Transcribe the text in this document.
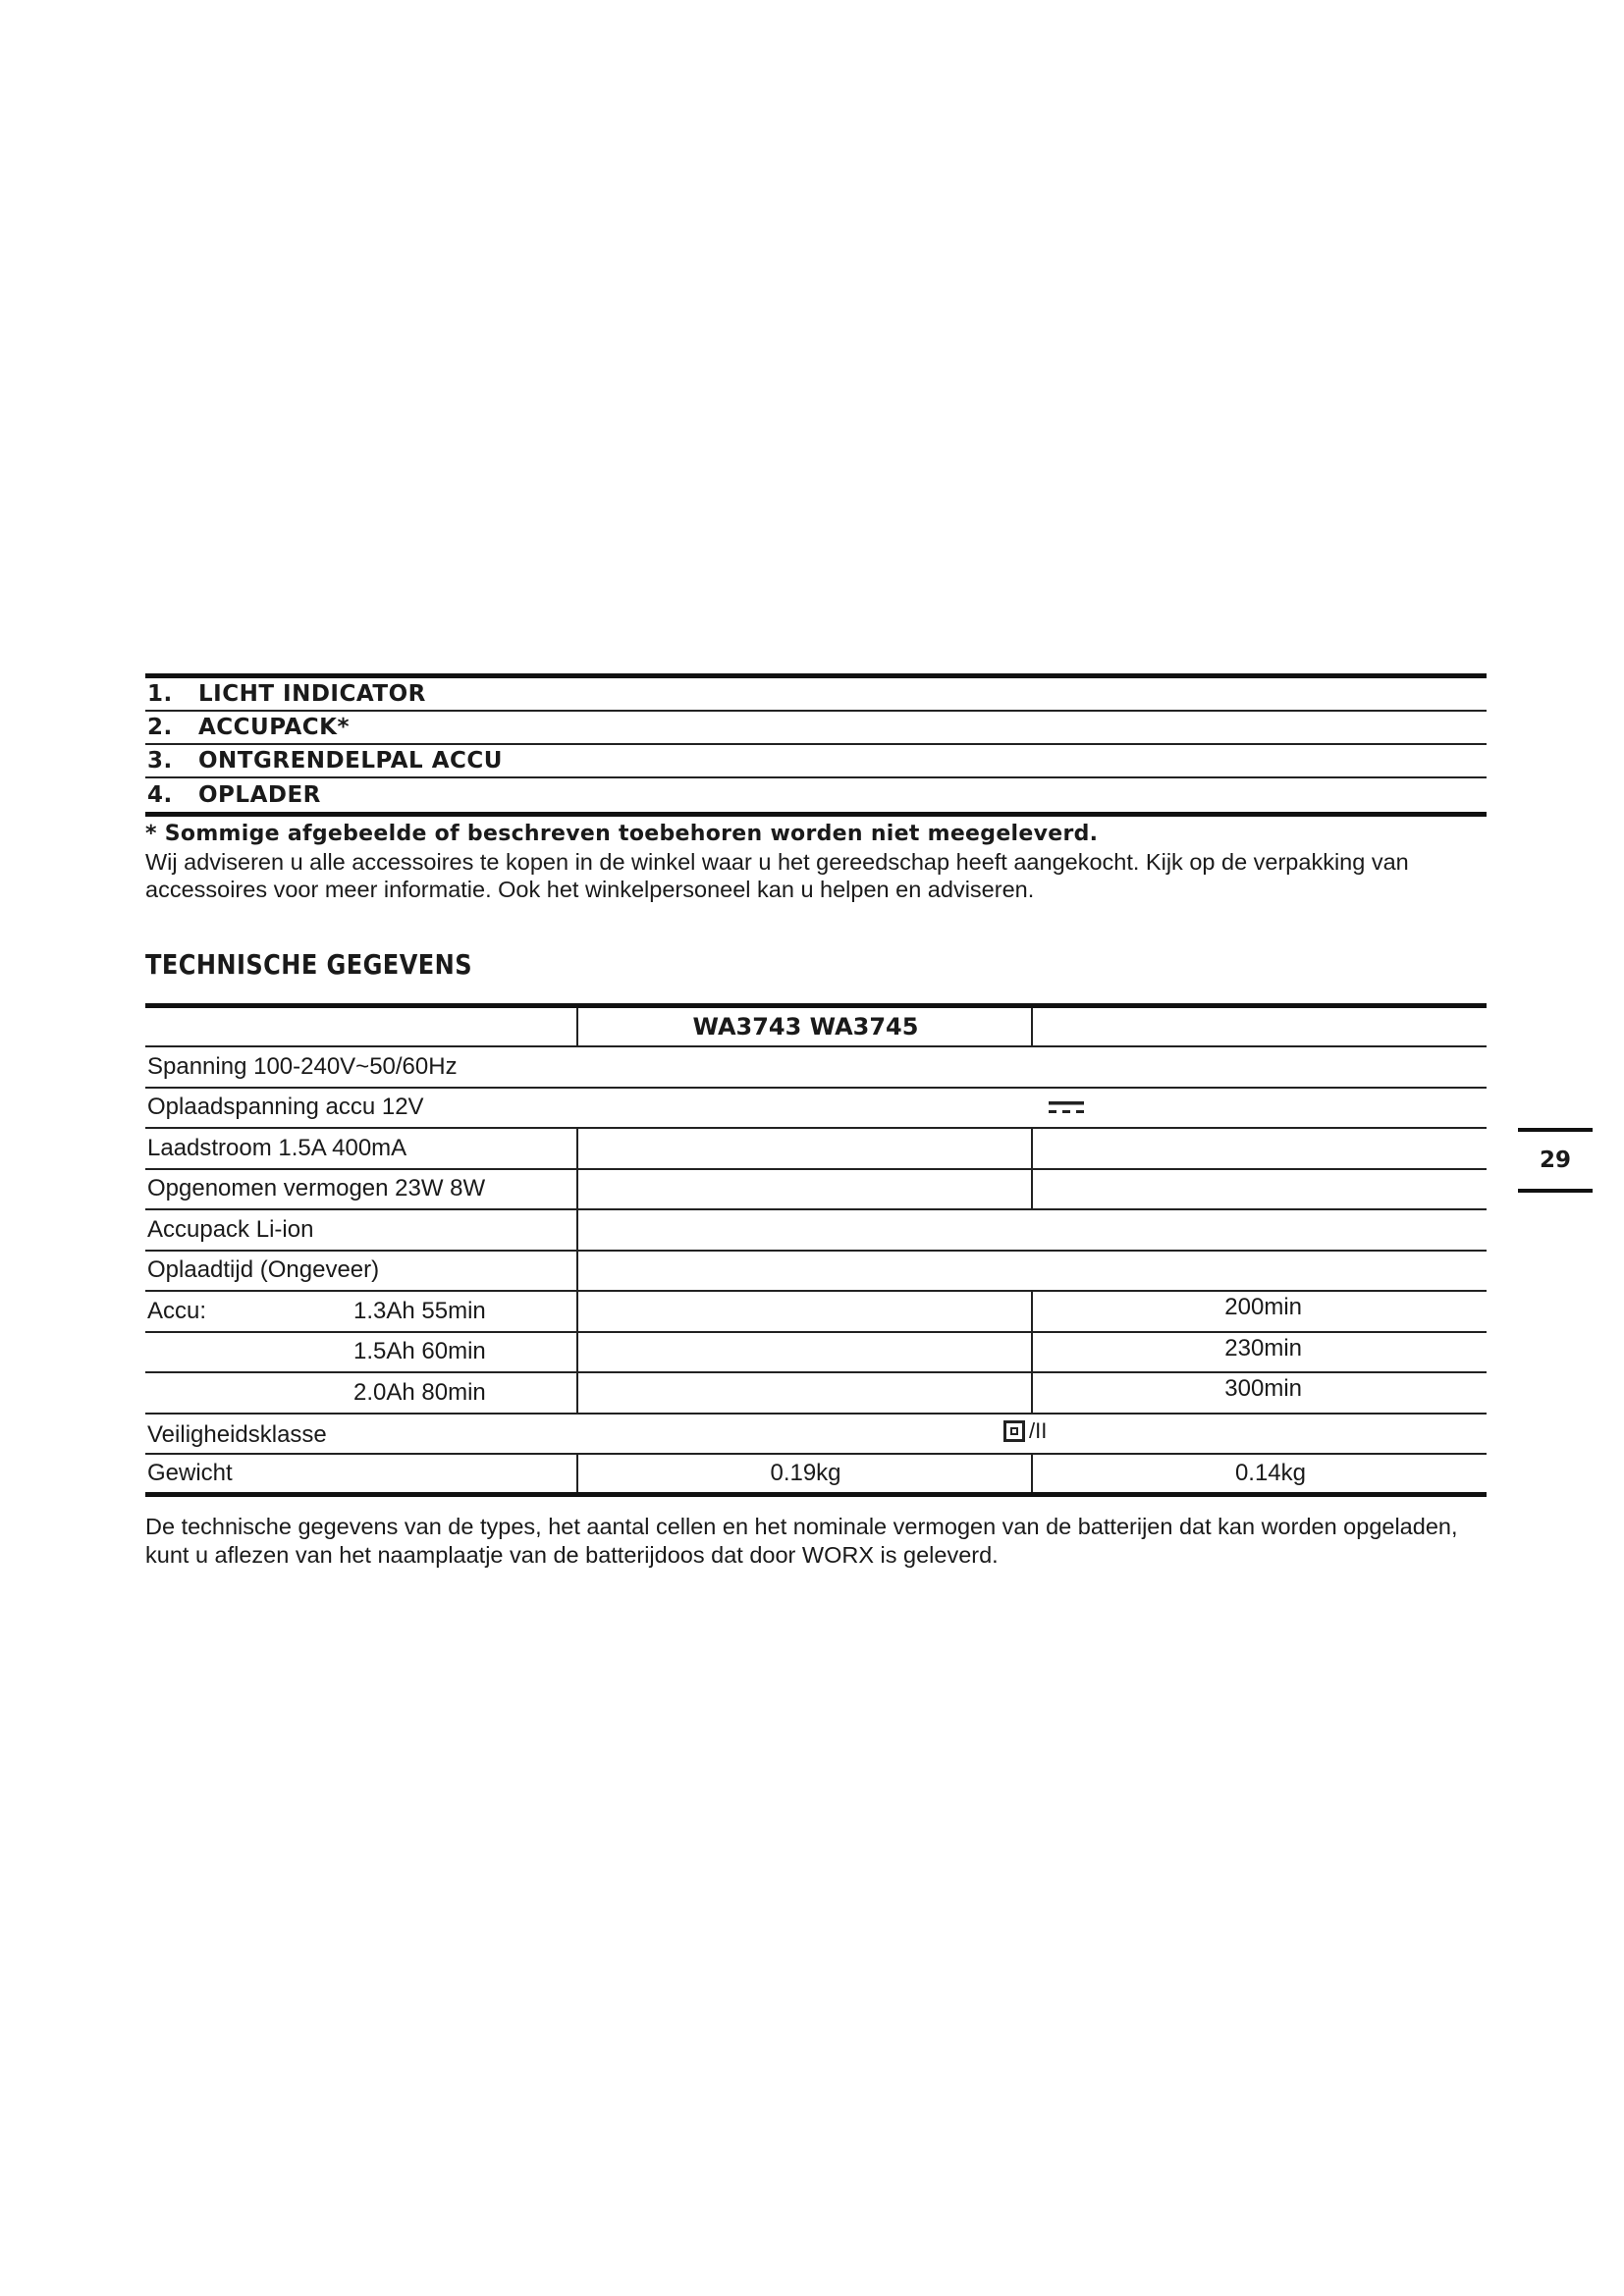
1.	LICHT INDICATOR
2.	ACCUPACK*
3.	ONTGRENDELPAL ACCU
4.	OPLADER
* Sommige afgebeelde of beschreven toebehoren worden niet meegeleverd.
Wij adviseren u alle accessoires te kopen in de winkel waar u het gereedschap heeft aangekocht. Kijk op de verpakking van accessoires voor meer informatie. Ook het winkelpersoneel kan u helpen en adviseren.
TECHNISCHE GEGEVENS
	WA3743 WA3745	
Spanning 100-240V~50/60Hz		
Oplaadspanning accu 12V		
Laadstroom 1.5A 400mA		
Opgenomen vermogen 23W 8W		
Accupack Li-ion		
Oplaadtijd (Ongeveer)		
Accu: 1.3Ah 55min		200min
1.5Ah 60min		230min
2.0Ah 80min		300min
Veiligheidsklasse /II		

Gewicht	0.19kg	0.14kg
De technische gegevens van de types, het aantal cellen en het nominale vermogen van de batterijen dat kan worden opgeladen, kunt u aflezen van het naamplaatje van de batterijdoos dat door WORX is geleverd.
29
